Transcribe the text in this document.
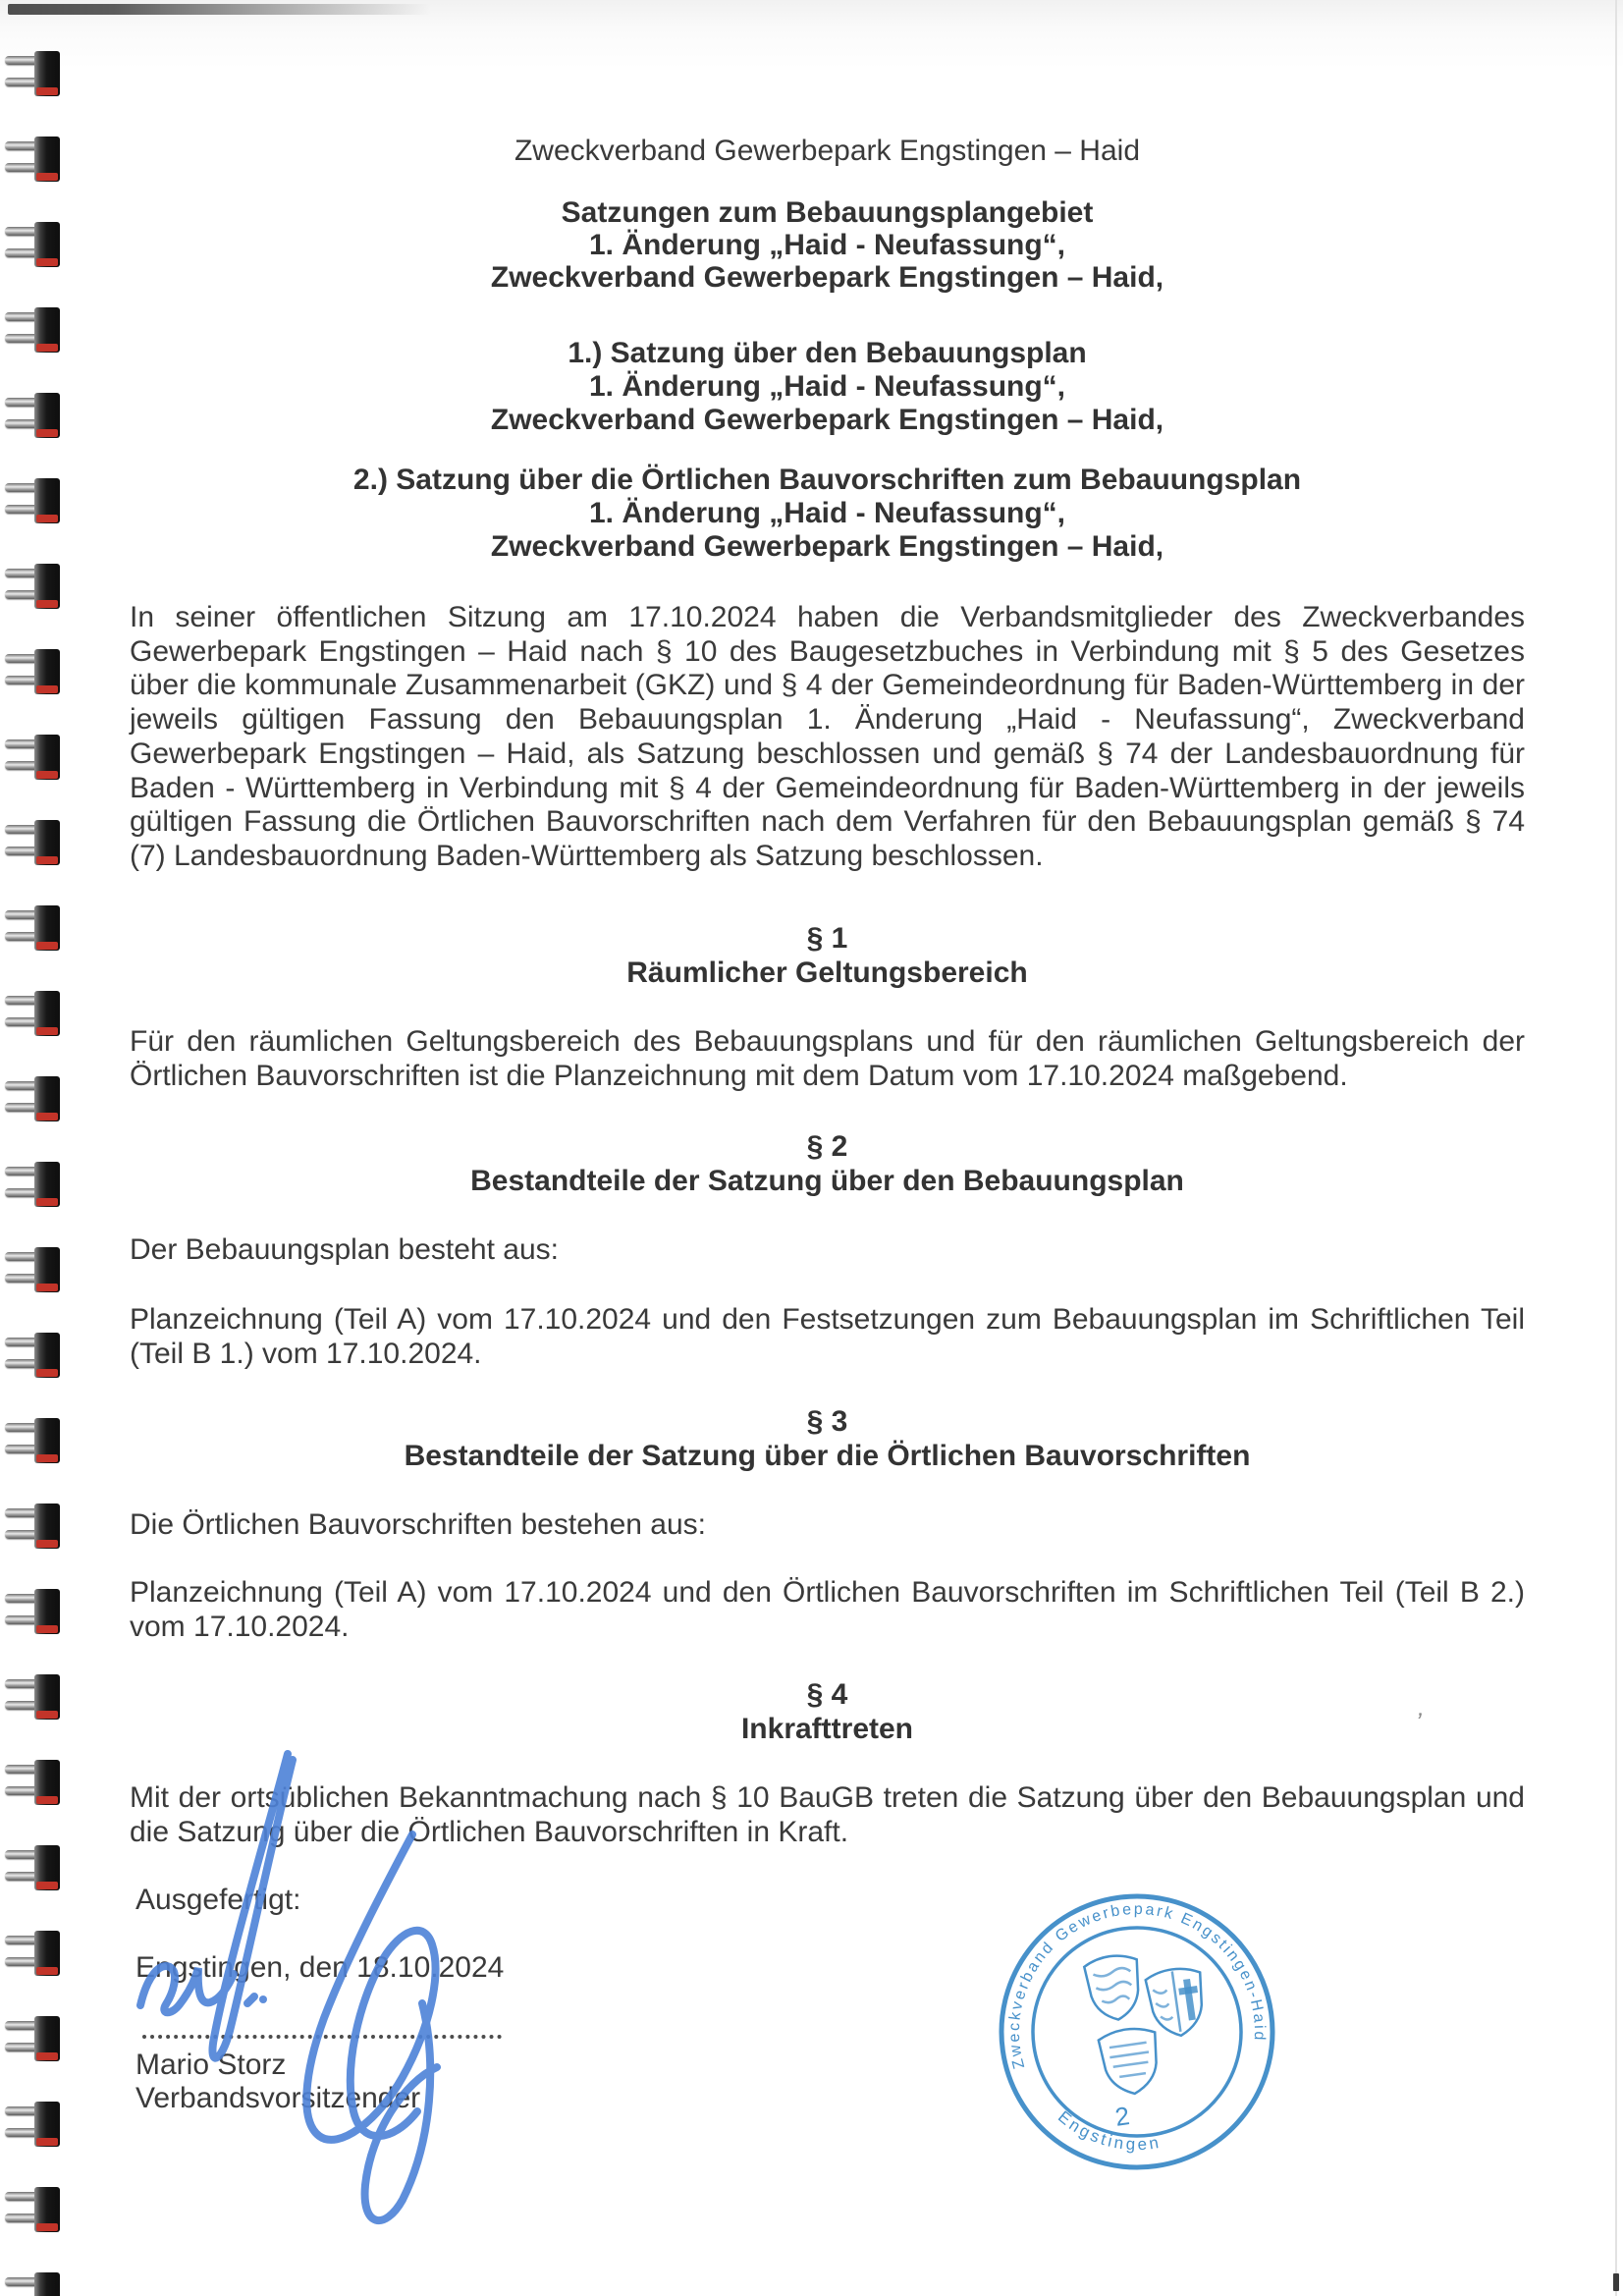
Zweckverband Gewerbepark Engstingen – Haid
Satzungen zum Bebauungsplangebiet
1. Änderung „Haid - Neufassung“,
Zweckverband Gewerbepark Engstingen – Haid,
1.) Satzung über den Bebauungsplan
1. Änderung „Haid - Neufassung“,
Zweckverband Gewerbepark Engstingen – Haid,
2.) Satzung über die Örtlichen Bauvorschriften zum Bebauungsplan
1. Änderung „Haid - Neufassung“,
Zweckverband Gewerbepark Engstingen – Haid,

In seiner öffentlichen Sitzung am 17.10.2024 haben die Verbandsmitglieder des Zweckverbandes Gewerbepark Engstingen – Haid nach § 10 des Baugesetzbuches in Verbindung mit § 5 des Gesetzes über die kommunale Zusammenarbeit (GKZ) und § 4 der Gemeindeordnung für Baden-Württemberg in der jeweils gültigen Fassung den Bebauungsplan 1. Änderung „Haid - Neufassung“, Zweckverband Gewerbepark Engstingen – Haid, als Satzung beschlossen und gemäß § 74 der Landesbauordnung für Baden - Württemberg in Verbindung mit § 4 der Gemeindeordnung für Baden-Württemberg in der jeweils gültigen Fassung die Örtlichen Bauvorschriften nach dem Verfahren für den Bebauungsplan gemäß § 74 (7) Landesbauordnung Baden-Württemberg als Satzung beschlossen.

§ 1
Räumlicher Geltungsbereich

Für den räumlichen Geltungsbereich des Bebauungsplans und für den räumlichen Geltungsbereich der Örtlichen Bauvorschriften ist die Planzeichnung mit dem Datum vom 17.10.2024 maßgebend.

§ 2
Bestandteile der Satzung über den Bebauungsplan

Der Bebauungsplan besteht aus:

Planzeichnung (Teil A) vom 17.10.2024 und den Festsetzungen zum Bebauungsplan im Schriftlichen Teil (Teil B 1.) vom 17.10.2024.

§ 3
Bestandteile der Satzung über die Örtlichen Bauvorschriften

Die Örtlichen Bauvorschriften bestehen aus:

Planzeichnung (Teil A) vom 17.10.2024 und den Örtlichen Bauvorschriften im Schriftlichen Teil (Teil B 2.) vom 17.10.2024.

§ 4
Inkrafttreten

Mit der ortsüblichen Bekanntmachung nach § 10 BauGB treten die Satzung über den Bebauungsplan und die Satzung über die Örtlichen Bauvorschriften in Kraft.

Ausgefertigt:
Engstingen, den 18.10.2024
Mario Storz
Verbandsvorsitzender
’
Zweckverband Gewerbepark Engstingen-Haid
Engstingen
2
